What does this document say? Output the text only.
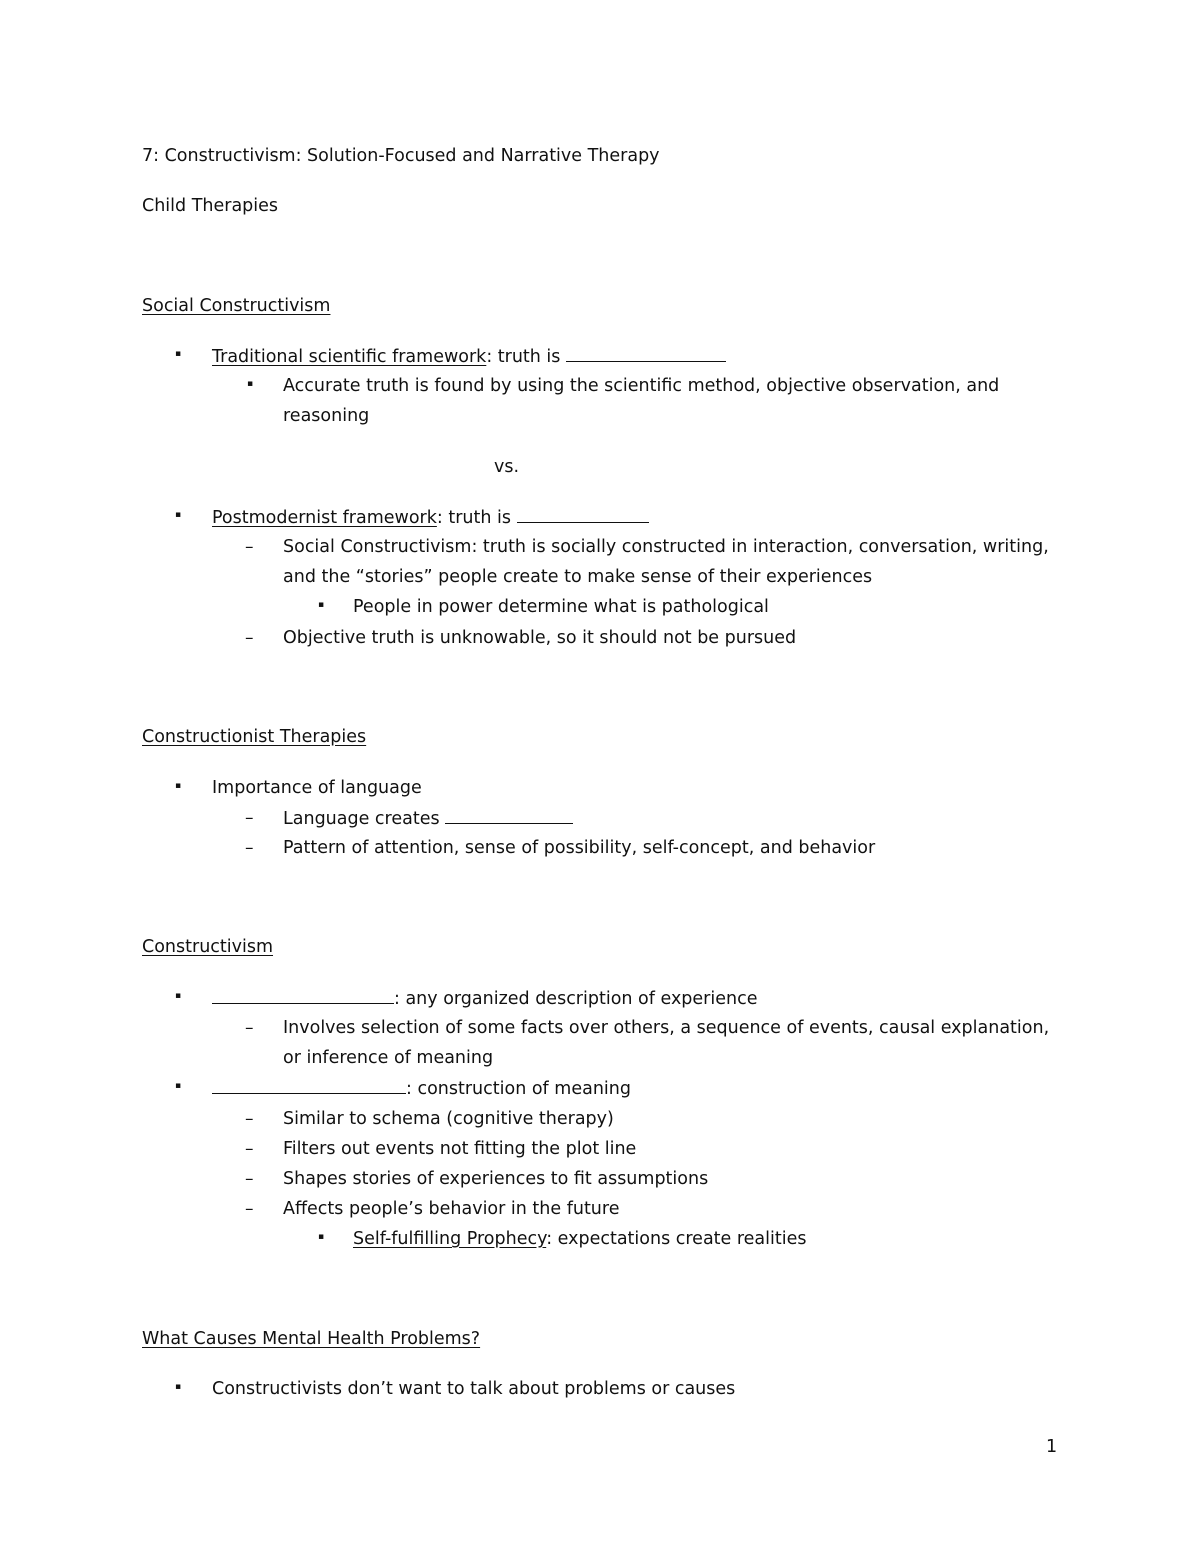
7: Constructivism: Solution-Focused and Narrative Therapy
Child Therapies
Social Constructivism
▪ Traditional scientific framework: truth is
▪ Accurate truth is found by using the scientific method, objective observation, and
reasoning
vs.
▪ Postmodernist framework: truth is
– Social Constructivism: truth is socially constructed in interaction, conversation, writing,
and the “stories” people create to make sense of their experiences
▪ People in power determine what is pathological
– Objective truth is unknowable, so it should not be pursued
Constructionist Therapies
▪ Importance of language
– Language creates
– Pattern of attention, sense of possibility, self-concept, and behavior
Constructivism
▪	: any organized description of experience
– Involves selection of some facts over others, a sequence of events, causal explanation,
or inference of meaning
▪	: construction of meaning
– Similar to schema (cognitive therapy)
– Filters out events not fitting the plot line
– Shapes stories of experiences to fit assumptions
– Affects people’s behavior in the future
▪ Self-fulfilling Prophecy: expectations create realities
What Causes Mental Health Problems?
▪ Constructivists don’t want to talk about problems or causes
1
